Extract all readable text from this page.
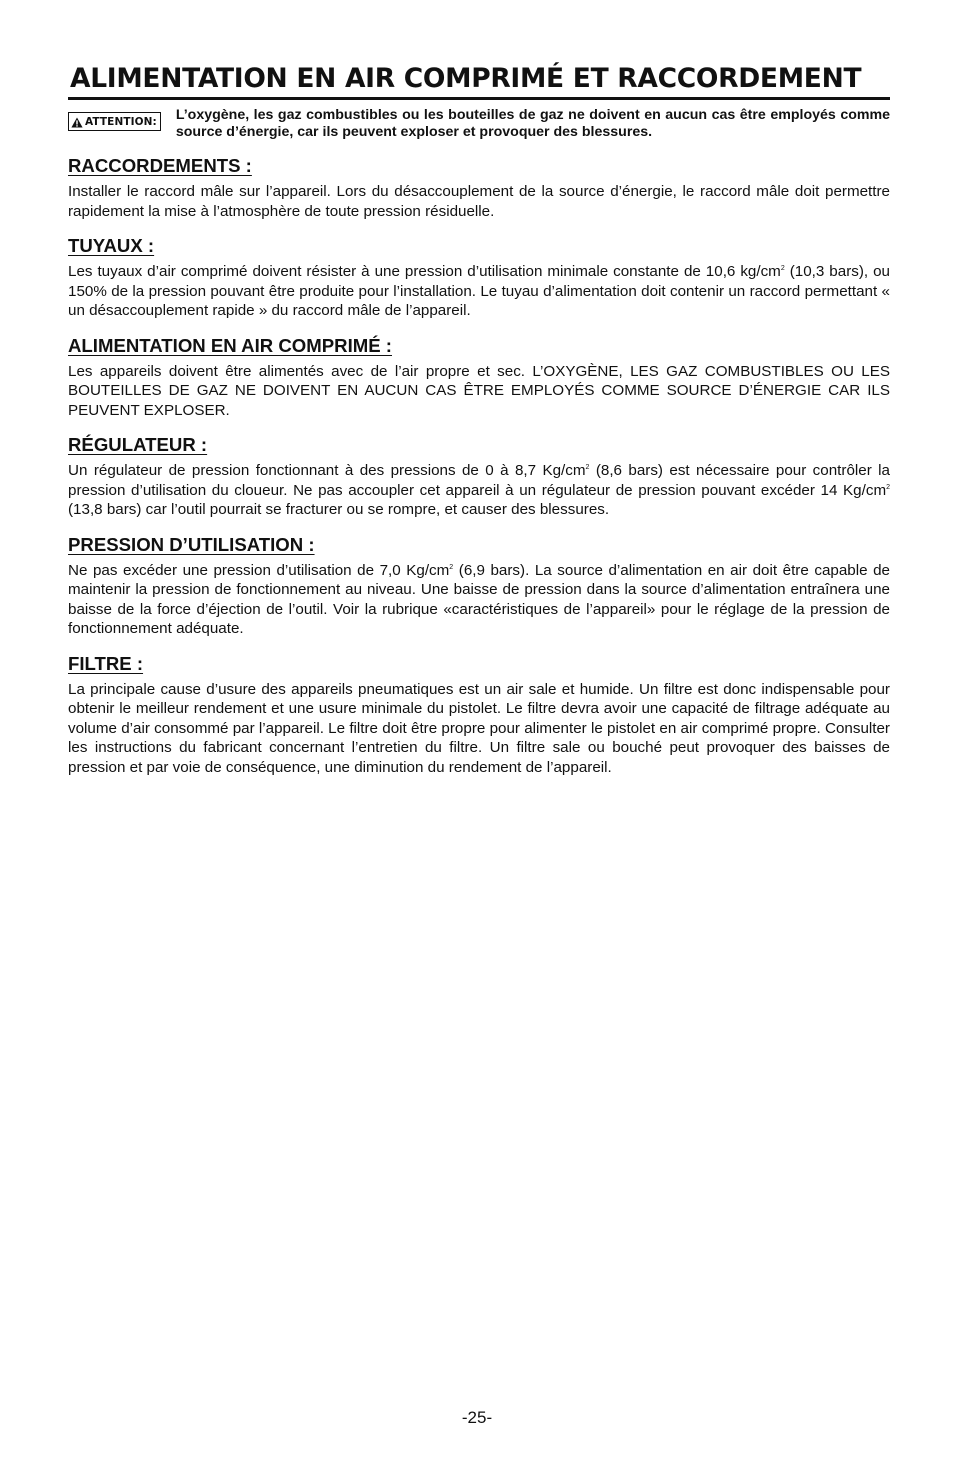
ALIMENTATION EN AIR COMPRIMÉ ET RACCORDEMENT
ATTENTION: L’oxygène, les gaz combustibles ou les bouteilles de gaz ne doivent en aucun cas être employés comme source d’énergie, car ils peuvent exploser et provoquer des blessures.
RACCORDEMENTS :

Installer le raccord mâle sur l’appareil. Lors du désaccouplement de la source d’énergie, le raccord mâle doit permettre rapidement la mise à l’atmosphère de toute pression résiduelle.

TUYAUX :

Les tuyaux d’air comprimé doivent résister à une pression d’utilisation minimale constante de 10,6 $kg/cm^2$ (10,3 bars), ou 150% de la pression pouvant être produite pour l’installation. Le tuyau d’alimentation doit contenir un raccord permettant « un désaccouplement rapide » du raccord mâle de l’appareil.

ALIMENTATION EN AIR COMPRIMÉ :

Les appareils doivent être alimentés avec de l’air propre et sec. L’OXYGÈNE, LES GAZ COMBUSTIBLES OU LES BOUTEILLES DE GAZ NE DOIVENT EN AUCUN CAS ÊTRE EMPLOYÉS COMME SOURCE D’ÉNERGIE CAR ILS PEUVENT EXPLOSER.

RÉGULATEUR :

Un régulateur de pression fonctionnant à des pressions de 0 à 8,7 $Kg/cm^2$ (8,6 bars) est nécessaire pour contrôler la pression d’utilisation du cloueur. Ne pas accoupler cet appareil à un régulateur de pression pouvant excéder 14 $Kg/cm^2$ (13,8 bars) car l’outil pourrait se fracturer ou se rompre, et causer des blessures.

PRESSION D’UTILISATION :

Ne pas excéder une pression d’utilisation de 7,0 $Kg/cm^2$ (6,9 bars). La source d’alimentation en air doit être capable de maintenir la pression de fonctionnement au niveau. Une baisse de pression dans la source d’alimentation entraînera une baisse de la force d’éjection de l’outil. Voir la rubrique «caractéristiques de l’appareil» pour le réglage de la pression de fonctionnement adéquate.

FILTRE :

La principale cause d’usure des appareils pneumatiques est un air sale et humide. Un filtre est donc indispensable pour obtenir le meilleur rendement et une usure minimale du pistolet. Le filtre devra avoir une capacité de filtrage adéquate au volume d’air consommé par l’appareil. Le filtre doit être propre pour alimenter le pistolet en air comprimé propre. Consulter les instructions du fabricant concernant l’entretien du filtre. Un filtre sale ou bouché peut provoquer des baisses de pression et par voie de conséquence, une diminution du rendement de l’appareil.

-25-
